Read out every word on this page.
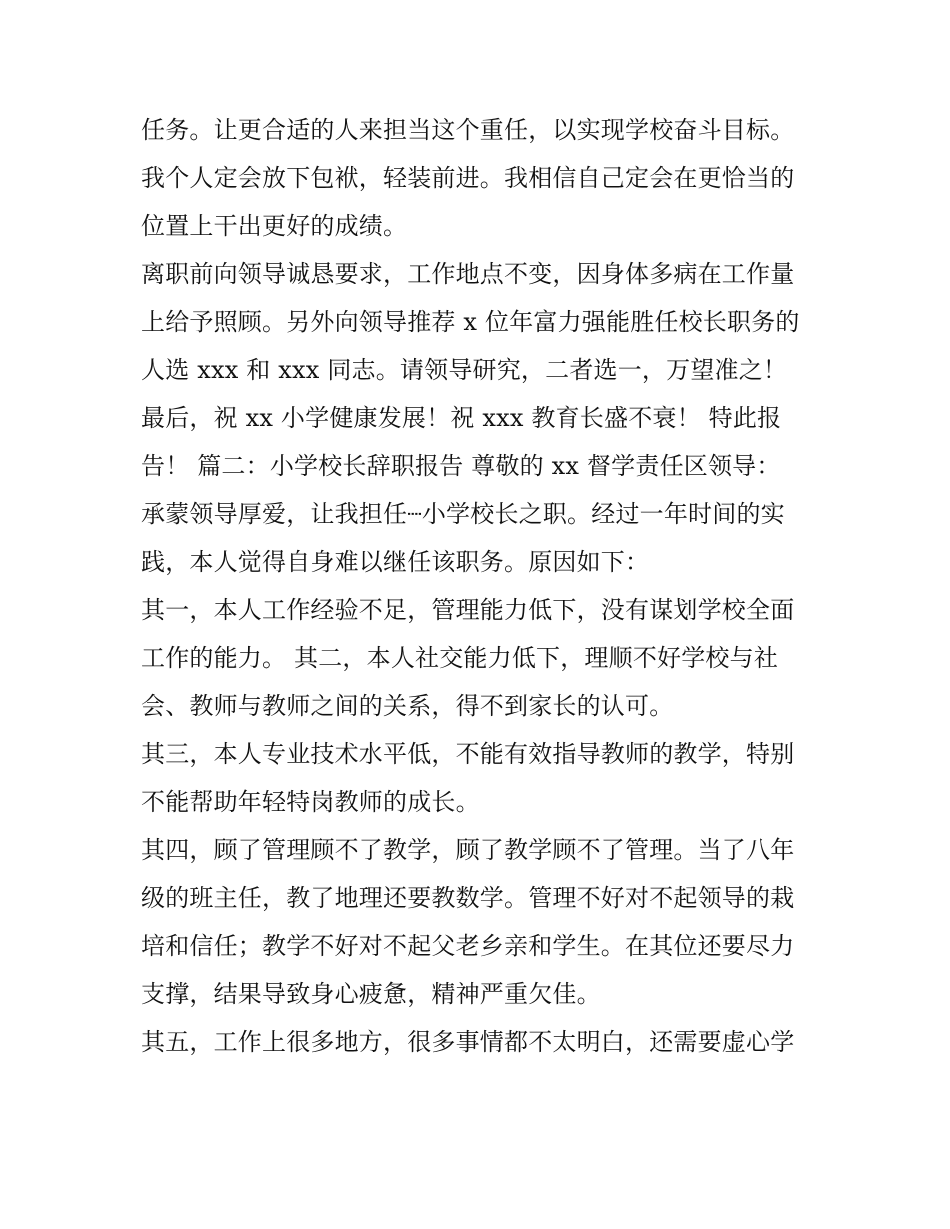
任务。让更合适的人来担当这个重任，以实现学校奋斗目标。
我个人定会放下包袱，轻装前进。我相信自己定会在更恰当的
位置上干出更好的成绩。
离职前向领导诚恳要求，工作地点不变，因身体多病在工作量
上给予照顾。另外向领导推荐 x 位年富力强能胜任校长职务的
人选 xxx 和 xxx 同志。请领导研究，二者选一，万望准之！
最后，祝 xx 小学健康发展！祝 xxx 教育长盛不衰！ 特此报
告！ 篇二：小学校长辞职报告 尊敬的 xx 督学责任区领导：
承蒙领导厚爱，让我担任┈小学校长之职。经过一年时间的实
践，本人觉得自身难以继任该职务。原因如下：
其一，本人工作经验不足，管理能力低下，没有谋划学校全面
工作的能力。 其二，本人社交能力低下，理顺不好学校与社
会、教师与教师之间的关系，得不到家长的认可。
其三，本人专业技术水平低，不能有效指导教师的教学，特别
不能帮助年轻特岗教师的成长。
其四，顾了管理顾不了教学，顾了教学顾不了管理。当了八年
级的班主任，教了地理还要教数学。管理不好对不起领导的栽
培和信任；教学不好对不起父老乡亲和学生。在其位还要尽力
支撑，结果导致身心疲惫，精神严重欠佳。
其五，工作上很多地方，很多事情都不太明白，还需要虚心学
